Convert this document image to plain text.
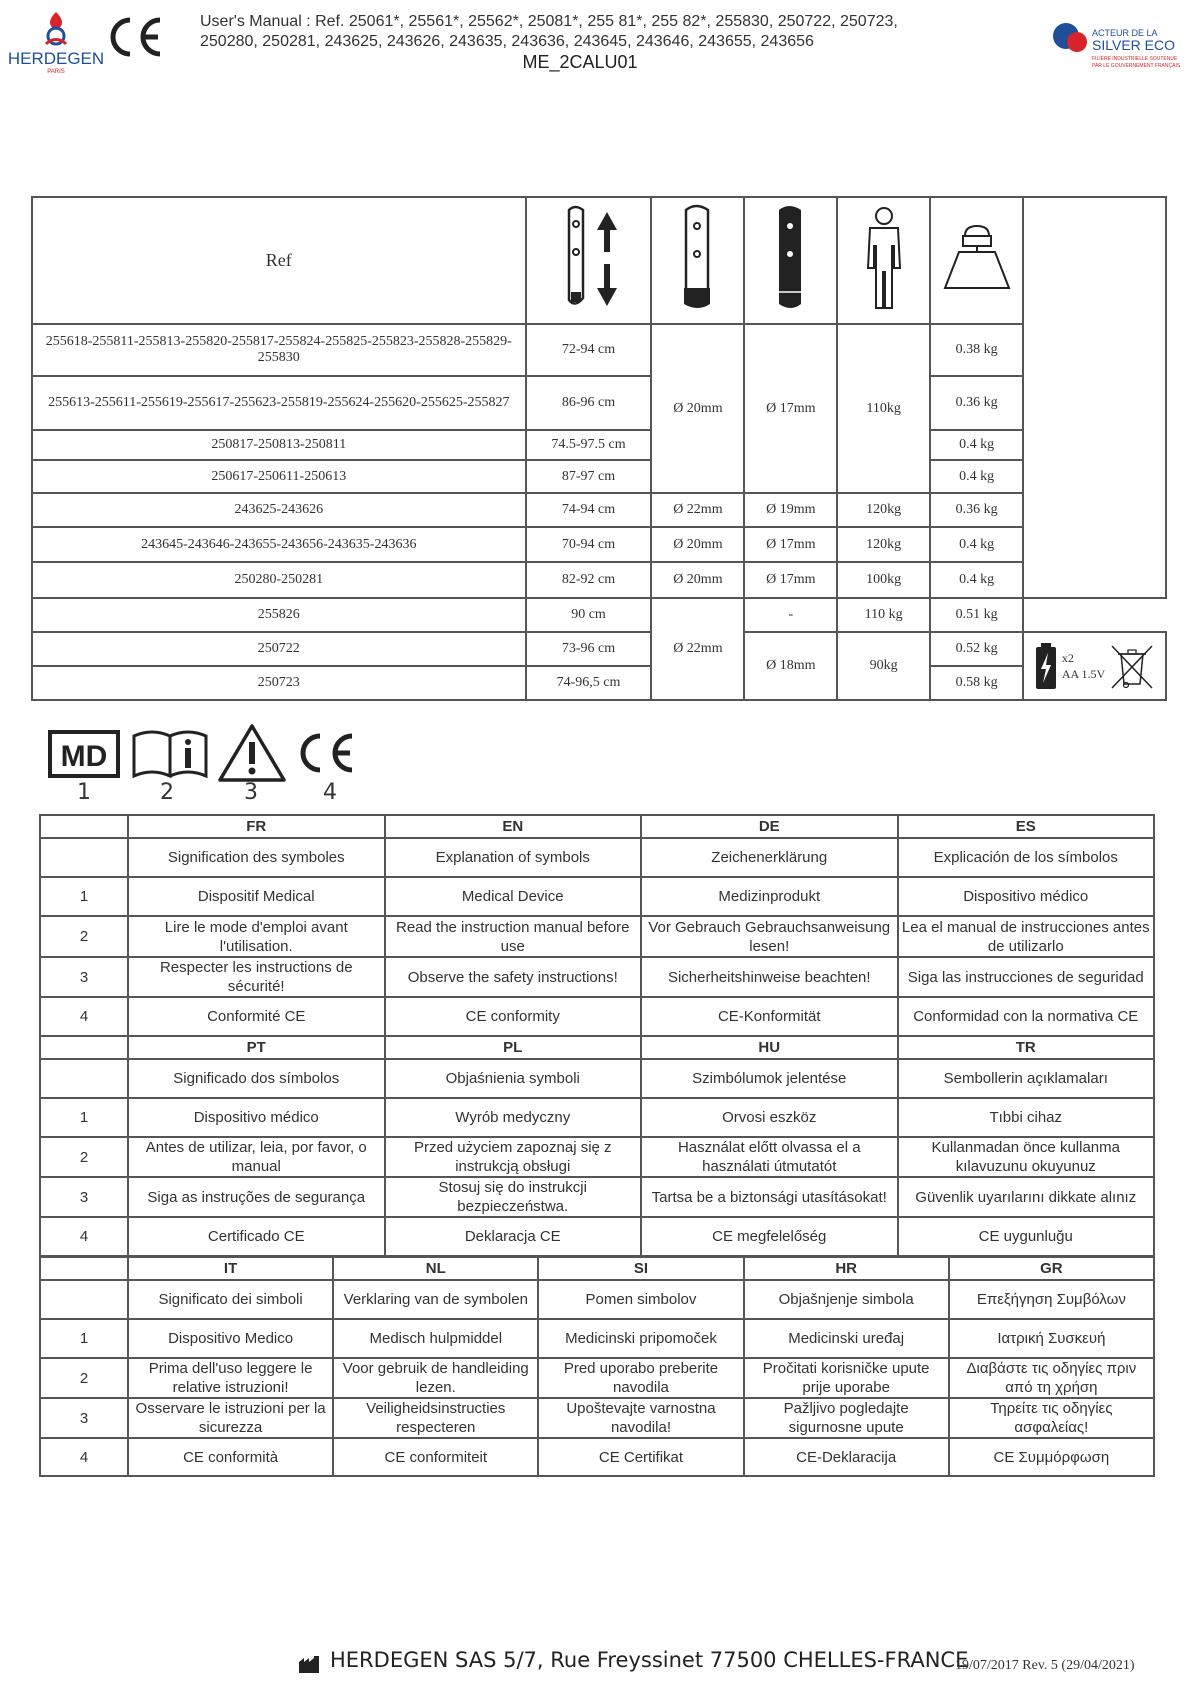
HERDEGEN
PARIS
User's Manual : Ref. 25061*, 25561*, 25562*, 25081*, 255 81*, 255 82*, 255830, 250722, 250723,
250280, 250281, 243625, 243626, 243635, 243636, 243645, 243646, 243655, 243656
ME_2CALU01
ACTEUR DE LA
SILVER ECO
FILIÈRE INDUSTRIELLE SOUTENUE
PAR LE GOUVERNEMENT FRANÇAIS
Ref						
255618-255811-255813-255820-255817-255824-255825-255823-255828-255829-255830	72-94 cm	Ø 20mm	Ø 17mm	110kg	0.38 kg	
255613-255611-255619-255617-255623-255819-255624-255620-255625-255827	86-96 cm				0.36 kg	
250817-250813-250811	74.5-97.5 cm				0.4 kg	
250617-250611-250613	87-97 cm				0.4 kg	
243625-243626	74-94 cm	Ø 22mm	Ø 19mm	120kg	0.36 kg	
243645-243646-243655-243656-243635-243636	70-94 cm	Ø 20mm	Ø 17mm	120kg	0.4 kg	
250280-250281	82-92 cm	Ø 20mm	Ø 17mm	100kg	0.4 kg	
255826	90 cm	Ø 22mm	-	110 kg	0.51 kg	
250722	73-96 cm		Ø 18mm	90kg	0.52 kg	x2
AA 1.5V

250723	74-96,5 cm				0.58 kg	
MD
1	2	3	4
	FR	EN	DE	ES
	Signification des symboles	Explanation of symbols	Zeichenerklärung	Explicación de los símbolos
1	Dispositif Medical	Medical Device	Medizinprodukt	Dispositivo médico
2	Lire le mode d'emploi avant l'utilisation.	Read the instruction manual before use	Vor Gebrauch Gebrauchsanweisung lesen!	Lea el manual de instrucciones antes de utilizarlo
3	Respecter les instructions de sécurité!	Observe the safety instructions!	Sicherheitshinweise beachten!	Siga las instrucciones de seguridad
4	Conformité CE	CE conformity	CE-Konformität	Conformidad con la normativa CE
	PT	PL	HU	TR
	Significado dos símbolos	Objaśnienia symboli	Szimbólumok jelentése	Sembollerin açıklamaları
1	Dispositivo médico	Wyrób medyczny	Orvosi eszköz	Tıbbi cihaz
2	Antes de utilizar, leia, por favor, o manual	Przed użyciem zapoznaj się z instrukcją obsługi	Használat előtt olvassa el a használati útmutatót	Kullanmadan önce kullanma kılavuzunu okuyunuz
3	Siga as instruções de segurança	Stosuj się do instrukcji bezpieczeństwa.	Tartsa be a biztonsági utasításokat!	Güvenlik uyarılarını dikkate alınız
4	Certificado CE	Deklaracja CE	CE megfelelőség	CE uygunluğu
	IT	NL	SI	HR	GR
	Significato dei simboli	Verklaring van de symbolen	Pomen simbolov	Objašnjenje simbola	Επεξήγηση Συμβόλων
1	Dispositivo Medico	Medisch hulpmiddel	Medicinski pripomoček	Medicinski uređaj	Ιατρική Συσκευή
2	Prima dell'uso leggere le relative istruzioni!	Voor gebruik de handleiding lezen.	Pred uporabo preberite navodila	Pročitati korisničke upute prije uporabe	Διαβάστε τις οδηγίες πριν από τη χρήση
3	Osservare le istruzioni per la sicurezza	Veiligheidsinstructies respecteren	Upoštevajte varnostna navodila!	Pažljivo pogledajte sigurnosne upute	Τηρείτε τις οδηγίες ασφαλείας!
4	CE conformità	CE conformiteit	CE Certifikat	CE-Deklaracija	CE Συμμόρφωση
HERDEGEN SAS 5/7, Rue Freyssinet 77500 CHELLES-FRANCE
19/07/2017 Rev. 5 (29/04/2021)
